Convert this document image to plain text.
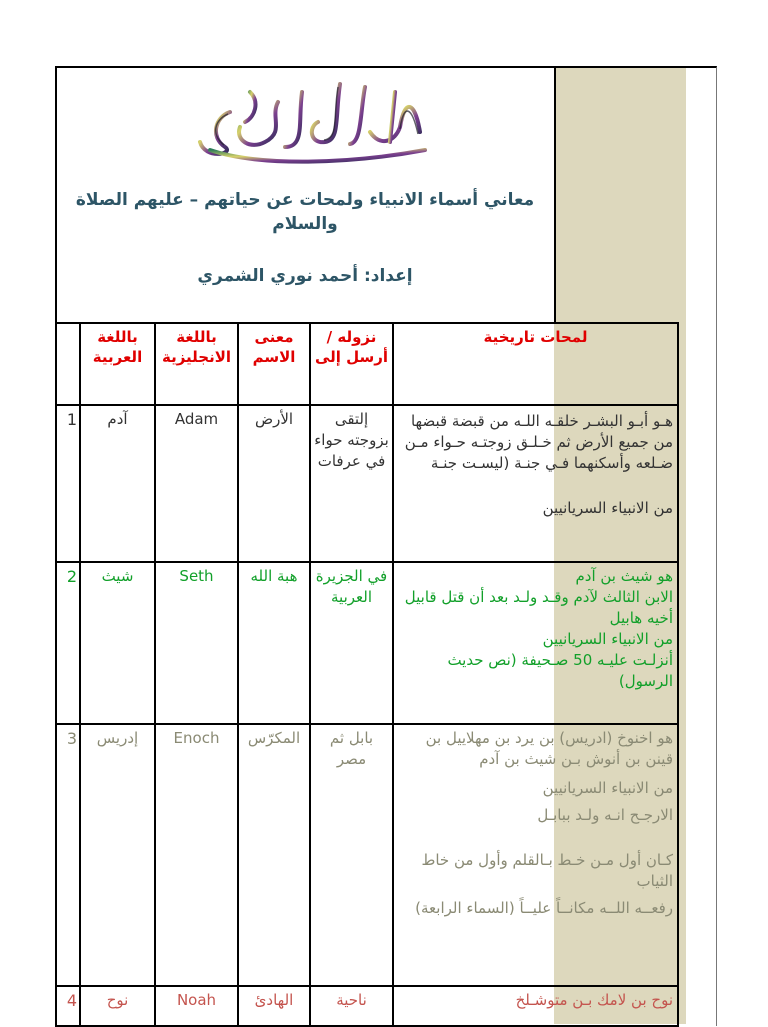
معاني أسماء الانبياء ولمحات عن حياتهم – عليهم الصلاة والسلام
إعداد: أحمد نوري الشمري
لمحات تاريخية	نزوله / أرسل إلى	معنى الاسم	باللغة الانجليزية	باللغة العربية	

هـو أبـو البشـر خلقـه اللـه من قبضة قبضها من جميع الأرض ثم خـلـق زوجتـه حـواء مـن ضـلعه وأسكنهما فـي جنـة (ليسـت جنـة

من الانبياء السريانيين	إلتقى بزوجته حواء في عرفات	الأرض	Adam	آدم	1

هو شيث بن آدم

الابن الثالث لآدم وقـد ولـد بعد أن قتل قابيل أخيه هابيل

من الانبياء السريانيين

أنزلـت عليـه 50 صـحيفة (نص حديث الرسول)	في الجزيرة العربية	هبة الله	Seth	شيث	2

هو اخنوخ (ادريس) بن يرد بن مهلاييل بن قينن بن أنوش بـن شيث بن آدم

من الانبياء السريانيين

الارجـح انـه ولـد ببابـل

كـان أول مـن خـط بـالقلم وأول من خاط الثياب

رفعــه اللــه مكانــاً عليــاً (السماء الرابعة)	بابل ثم مصر	المكرّس	Enoch	إدريس	3

نوح بن لامك بـن متوشـلخ	ناحية	الهادئ	Noah	نوح	4
